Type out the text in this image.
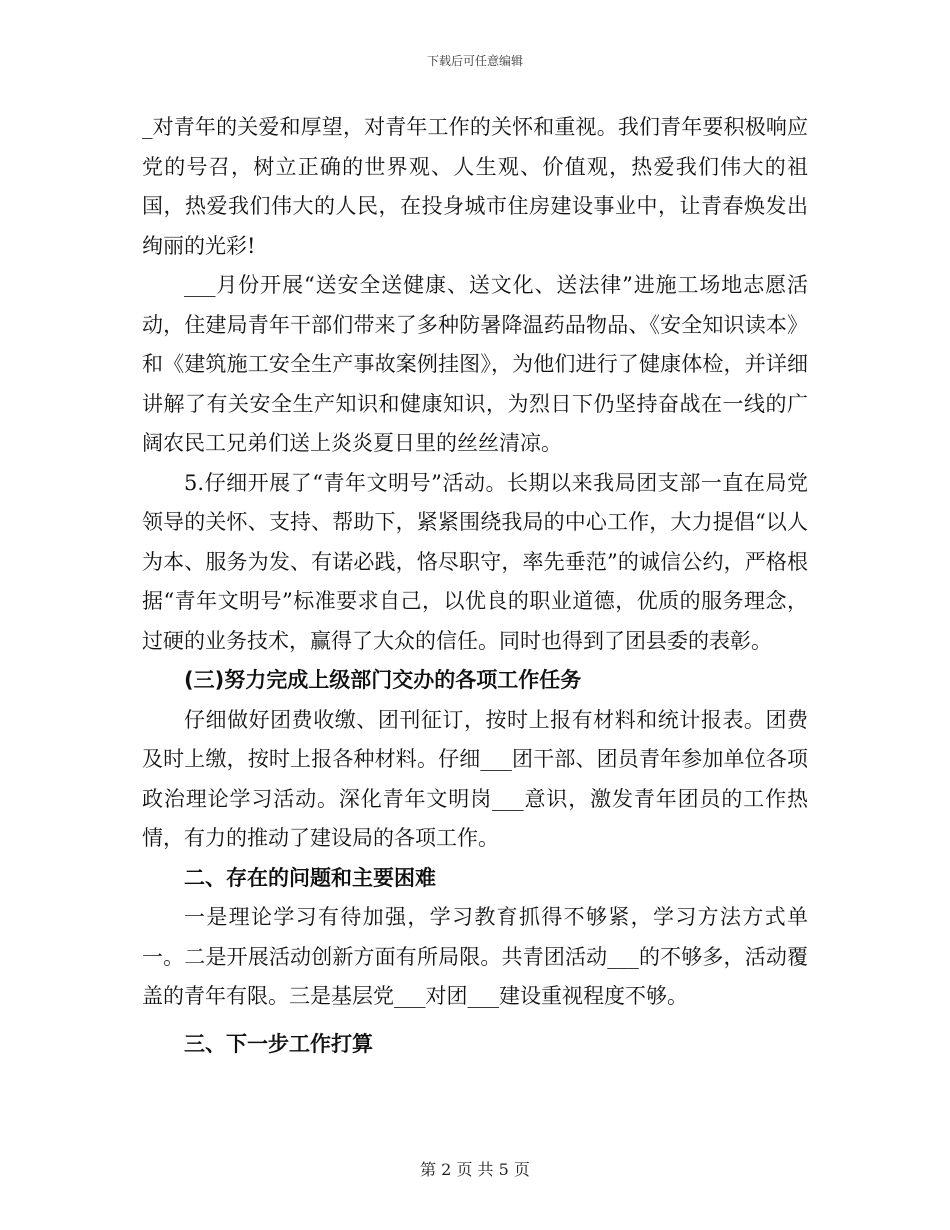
下载后可任意编辑

_对青年的关爱和厚望，对青年工作的关怀和重视。我们青年要积极响应党的号召，树立正确的世界观、人生观、价值观，热爱我们伟大的祖国，热爱我们伟大的人民，在投身城市住房建设事业中，让青春焕发出绚丽的光彩!

___月份开展“送安全送健康、送文化、送法律”进施工场地志愿活动，住建局青年干部们带来了多种防暑降温药品物品、《安全知识读本》和《建筑施工安全生产事故案例挂图》，为他们进行了健康体检，并详细讲解了有关安全生产知识和健康知识，为烈日下仍坚持奋战在一线的广阔农民工兄弟们送上炎炎夏日里的丝丝清凉。

5.仔细开展了“青年文明号”活动。长期以来我局团支部一直在局党领导的关怀、支持、帮助下，紧紧围绕我局的中心工作，大力提倡“以人为本、服务为发、有诺必践，恪尽职守，率先垂范”的诚信公约，严格根据“青年文明号”标准要求自己，以优良的职业道德，优质的服务理念，过硬的业务技术，赢得了大众的信任。同时也得到了团县委的表彰。

(三)努力完成上级部门交办的各项工作任务

仔细做好团费收缴、团刊征订，按时上报有材料和统计报表。团费及时上缴，按时上报各种材料。仔细___团干部、团员青年参加单位各项政治理论学习活动。深化青年文明岗___意识，激发青年团员的工作热情，有力的推动了建设局的各项工作。

二、存在的问题和主要困难

一是理论学习有待加强，学习教育抓得不够紧，学习方法方式单一。二是开展活动创新方面有所局限。共青团活动___的不够多，活动覆盖的青年有限。三是基层党___对团___建设重视程度不够。

三、下一步工作打算

第 2 页 共 5 页
